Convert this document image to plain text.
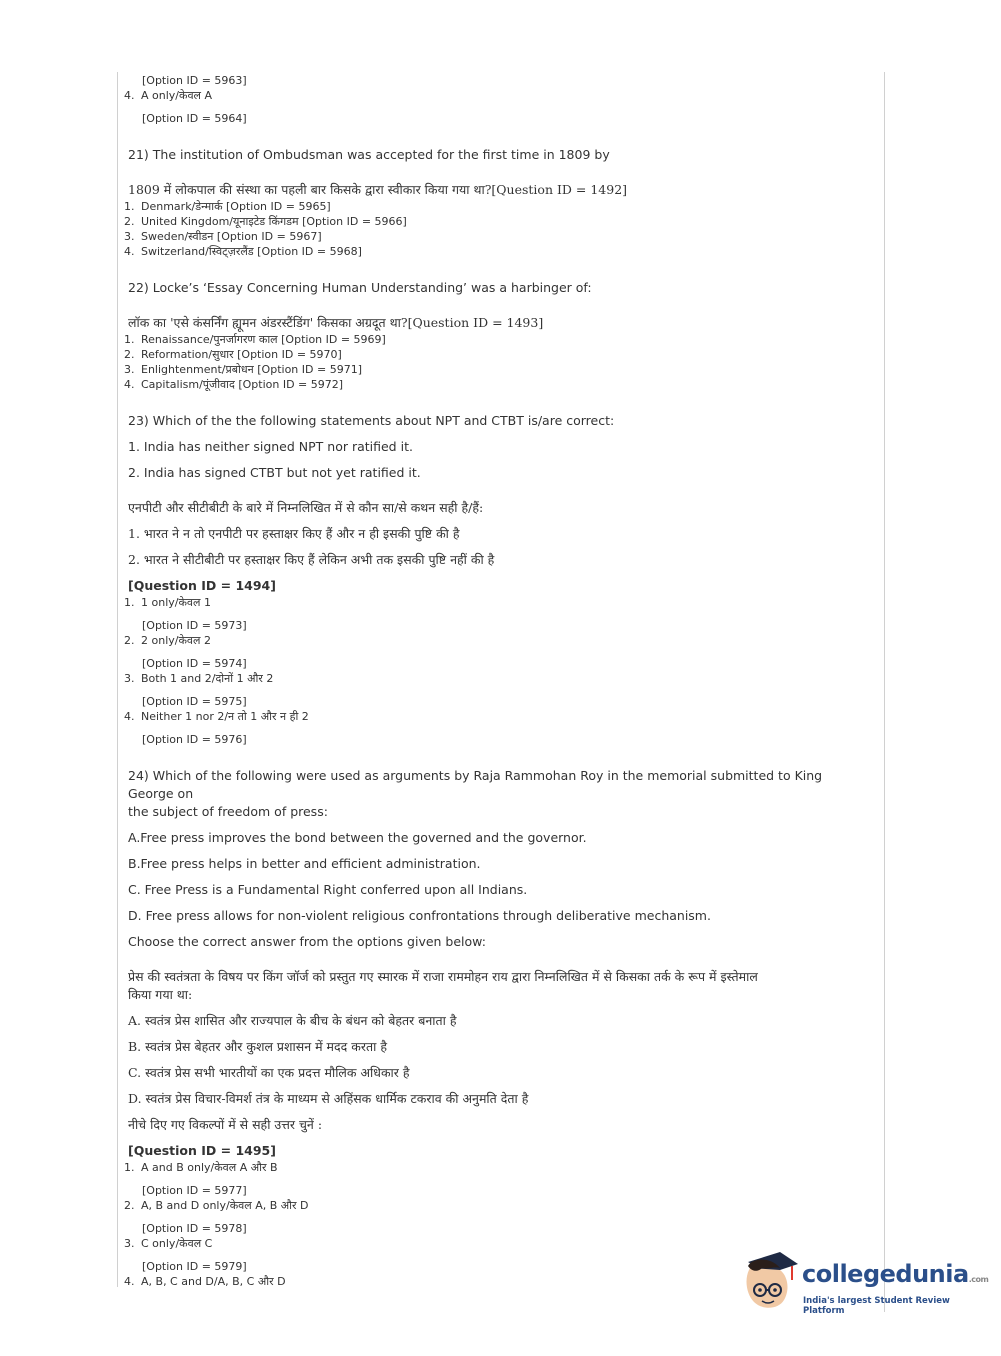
[Option ID = 5963]
4. A only/केवल A
[Option ID = 5964]
21) The institution of Ombudsman was accepted for the first time in 1809 by
1809 में लोकपाल की संस्था का पहली बार किसके द्वारा स्वीकार किया गया था?[Question ID = 1492]
1. Denmark/डेन्मार्क [Option ID = 5965]
2. United Kingdom/यूनाइटेड किंगडम [Option ID = 5966]
3. Sweden/स्वीडन [Option ID = 5967]
4. Switzerland/स्विट्ज़रलैंड [Option ID = 5968]
22) Locke’s ‘Essay Concerning Human Understanding’ was a harbinger of:
लॉक का 'एसे कंसर्निंग ह्यूमन अंडरस्टैंडिंग' किसका अग्रदूत था?[Question ID = 1493]
1. Renaissance/पुनर्जागरण काल [Option ID = 5969]
2. Reformation/सुधार [Option ID = 5970]
3. Enlightenment/प्रबोधन [Option ID = 5971]
4. Capitalism/पूंजीवाद [Option ID = 5972]
23) Which of the the following statements about NPT and CTBT is/are correct:
1. India has neither signed NPT nor ratified it.
2. India has signed CTBT but not yet ratified it.
एनपीटी और सीटीबीटी के बारे में निम्नलिखित में से कौन सा/से कथन सही है/हैं:
1. भारत ने न तो एनपीटी पर हस्ताक्षर किए हैं और न ही इसकी पुष्टि की है
2. भारत ने सीटीबीटी पर हस्ताक्षर किए हैं लेकिन अभी तक इसकी पुष्टि नहीं की है
[Question ID = 1494]
1. 1 only/केवल 1
[Option ID = 5973]
2. 2 only/केवल 2
[Option ID = 5974]
3. Both 1 and 2/दोनों 1 और 2
[Option ID = 5975]
4. Neither 1 nor 2/न तो 1 और न ही 2
[Option ID = 5976]
24) Which of the following were used as arguments by Raja Rammohan Roy in the memorial submitted to King George on
the subject of freedom of press:
A.Free press improves the bond between the governed and the governor.
B.Free press helps in better and efficient administration.
C. Free Press is a Fundamental Right conferred upon all Indians.
D. Free press allows for non-violent religious confrontations through deliberative mechanism.
Choose the correct answer from the options given below:
प्रेस की स्वतंत्रता के विषय पर किंग जॉर्ज को प्रस्तुत गए स्मारक में राजा राममोहन राय द्वारा निम्नलिखित में से किसका तर्क के रूप में इस्तेमाल
किया गया था:
A. स्वतंत्र प्रेस शासित और राज्यपाल के बीच के बंधन को बेहतर बनाता है
B. स्वतंत्र प्रेस बेहतर और कुशल प्रशासन में मदद करता है
C. स्वतंत्र प्रेस सभी भारतीयों का एक प्रदत्त मौलिक अधिकार है
D. स्वतंत्र प्रेस विचार-विमर्श तंत्र के माध्यम से अहिंसक धार्मिक टकराव की अनुमति देता है
नीचे दिए गए विकल्पों में से सही उत्तर चुनें :
[Question ID = 1495]
1. A and B only/केवल A और B
[Option ID = 5977]
2. A, B and D only/केवल A, B और D
[Option ID = 5978]
3. C only/केवल C
[Option ID = 5979]
4. A, B, C and D/A, B, C और D	collegedunia.com
India's largest Student Review Platform
